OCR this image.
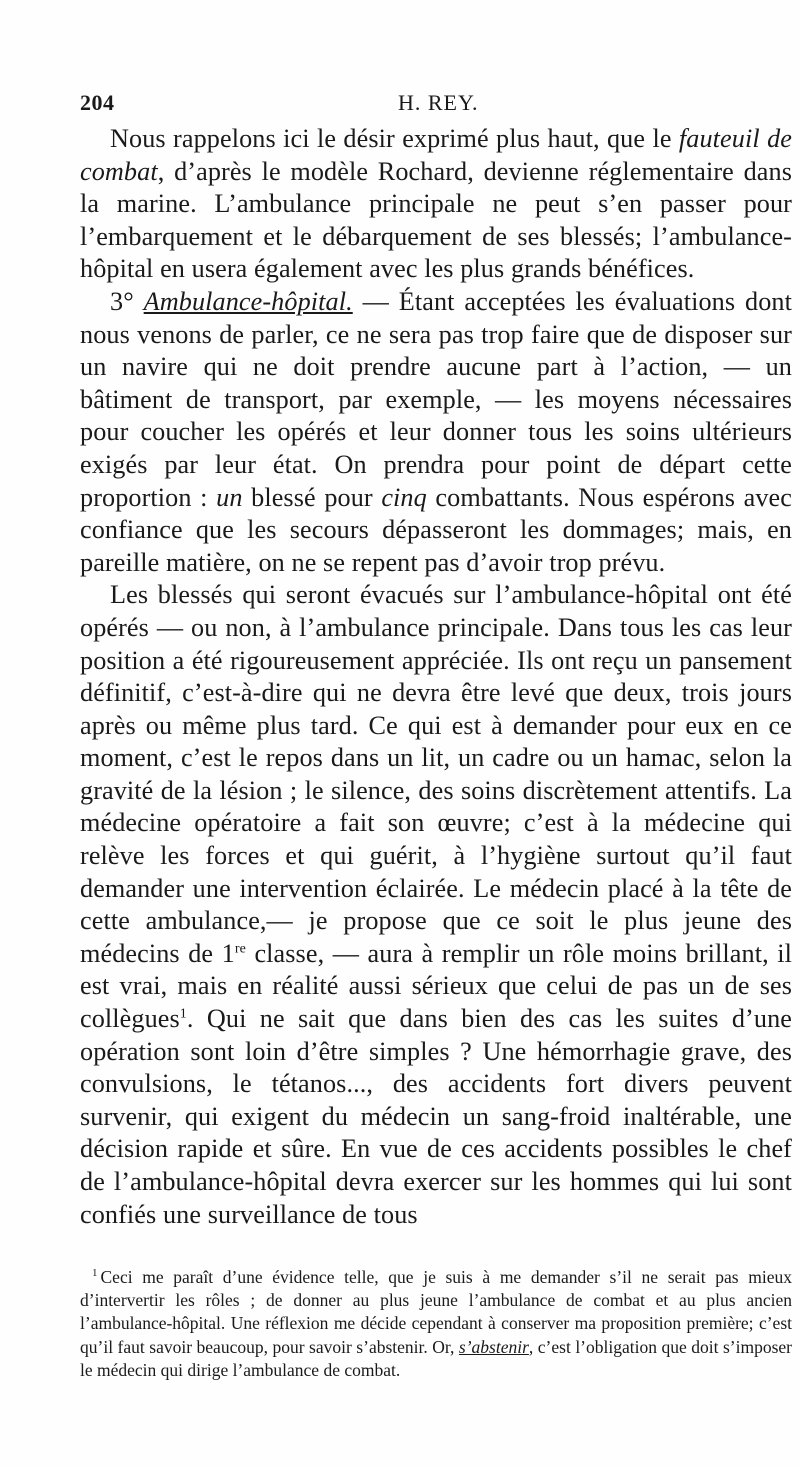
204	H. REY.

Nous rappelons ici le désir exprimé plus haut, que le fauteuil de combat, d’après le modèle Rochard, devienne réglementaire dans la marine. L’ambulance principale ne peut s’en passer pour l’embarquement et le débarquement de ses blessés; l’ambulance-hôpital en usera également avec les plus grands bénéfices.

3° Ambulance-hôpital. — Étant acceptées les évaluations dont nous venons de parler, ce ne sera pas trop faire que de disposer sur un navire qui ne doit prendre aucune part à l’action, — un bâtiment de transport, par exemple, — les moyens nécessaires pour coucher les opérés et leur donner tous les soins ultérieurs exigés par leur état. On prendra pour point de départ cette proportion : un blessé pour cinq combattants. Nous espérons avec confiance que les secours dépasseront les dommages; mais, en pareille matière, on ne se repent pas d’avoir trop prévu.

Les blessés qui seront évacués sur l’ambulance-hôpital ont été opérés — ou non, à l’ambulance principale. Dans tous les cas leur position a été rigoureusement appréciée. Ils ont reçu un pansement définitif, c’est-à-dire qui ne devra être levé que deux, trois jours après ou même plus tard. Ce qui est à demander pour eux en ce moment, c’est le repos dans un lit, un cadre ou un hamac, selon la gravité de la lésion ; le silence, des soins discrètement attentifs. La médecine opératoire a fait son œuvre; c’est à la médecine qui relève les forces et qui guérit, à l’hygiène surtout qu’il faut demander une intervention éclairée. Le médecin placé à la tête de cette ambulance,— je propose que ce soit le plus jeune des médecins de 1re classe, — aura à remplir un rôle moins brillant, il est vrai, mais en réalité aussi sérieux que celui de pas un de ses collègues$^1$. Qui ne sait que dans bien des cas les suites d’une opération sont loin d’être simples ? Une hémorrhagie grave, des convulsions, le tétanos..., des accidents fort divers peuvent survenir, qui exigent du médecin un sang-froid inaltérable, une décision rapide et sûre. En vue de ces accidents possibles le chef de l’ambulance-hôpital devra exercer sur les hommes qui lui sont confiés une surveillance de tous

$^1$ Ceci me paraît d’une évidence telle, que je suis à me demander s’il ne serait pas mieux d’intervertir les rôles ; de donner au plus jeune l’ambulance de combat et au plus ancien l’ambulance-hôpital. Une réflexion me décide cependant à conserver ma proposition première; c’est qu’il faut savoir beaucoup, pour savoir s’abstenir. Or, s’abstenir, c’est l’obligation que doit s’imposer le médecin qui dirige l’ambulance de combat.
